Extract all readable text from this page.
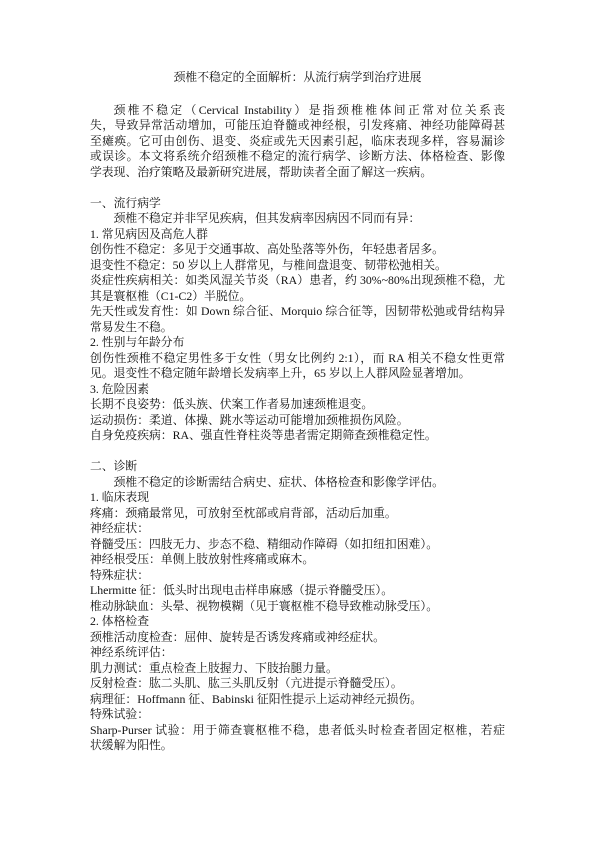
颈椎不稳定的全面解析：从流行病学到治疗进展
颈椎不稳定（Cervical Instability）是指颈椎椎体间正常对位关系丧
失，导致异常活动增加，可能压迫脊髓或神经根，引发疼痛、神经功能障碍甚
至瘫痪。它可由创伤、退变、炎症或先天因素引起，临床表现多样，容易漏诊
或误诊。本文将系统介绍颈椎不稳定的流行病学、诊断方法、体格检查、影像
学表现、治疗策略及最新研究进展，帮助读者全面了解这一疾病。
一、流行病学
颈椎不稳定并非罕见疾病，但其发病率因病因不同而有异：
1. 常见病因及高危人群
创伤性不稳定：多见于交通事故、高处坠落等外伤，年轻患者居多。
退变性不稳定：50 岁以上人群常见，与椎间盘退变、韧带松弛相关。
炎症性疾病相关：如类风湿关节炎（RA）患者，约 30%~80%出现颈椎不稳，尤
其是寰枢椎（C1-C2）半脱位。
先天性或发育性：如 Down 综合征、Morquio 综合征等，因韧带松弛或骨结构异
常易发生不稳。
2. 性别与年龄分布
创伤性颈椎不稳定男性多于女性（男女比例约 2:1），而 RA 相关不稳女性更常
见。退变性不稳定随年龄增长发病率上升，65 岁以上人群风险显著增加。
3. 危险因素
长期不良姿势：低头族、伏案工作者易加速颈椎退变。
运动损伤：柔道、体操、跳水等运动可能增加颈椎损伤风险。
自身免疫疾病：RA、强直性脊柱炎等患者需定期筛查颈椎稳定性。
二、诊断
颈椎不稳定的诊断需结合病史、症状、体格检查和影像学评估。
1. 临床表现
疼痛：颈痛最常见，可放射至枕部或肩背部，活动后加重。
神经症状：
脊髓受压：四肢无力、步态不稳、精细动作障碍（如扣纽扣困难）。
神经根受压：单侧上肢放射性疼痛或麻木。
特殊症状：
Lhermitte 征：低头时出现电击样串麻感（提示脊髓受压）。
椎动脉缺血：头晕、视物模糊（见于寰枢椎不稳导致椎动脉受压）。
2. 体格检查
颈椎活动度检查：屈伸、旋转是否诱发疼痛或神经症状。
神经系统评估：
肌力测试：重点检查上肢握力、下肢抬腿力量。
反射检查：肱二头肌、肱三头肌反射（亢进提示脊髓受压）。
病理征：Hoffmann 征、Babinski 征阳性提示上运动神经元损伤。
特殊试验：
Sharp-Purser 试验：用于筛查寰枢椎不稳，患者低头时检查者固定枢椎，若症
状缓解为阳性。
